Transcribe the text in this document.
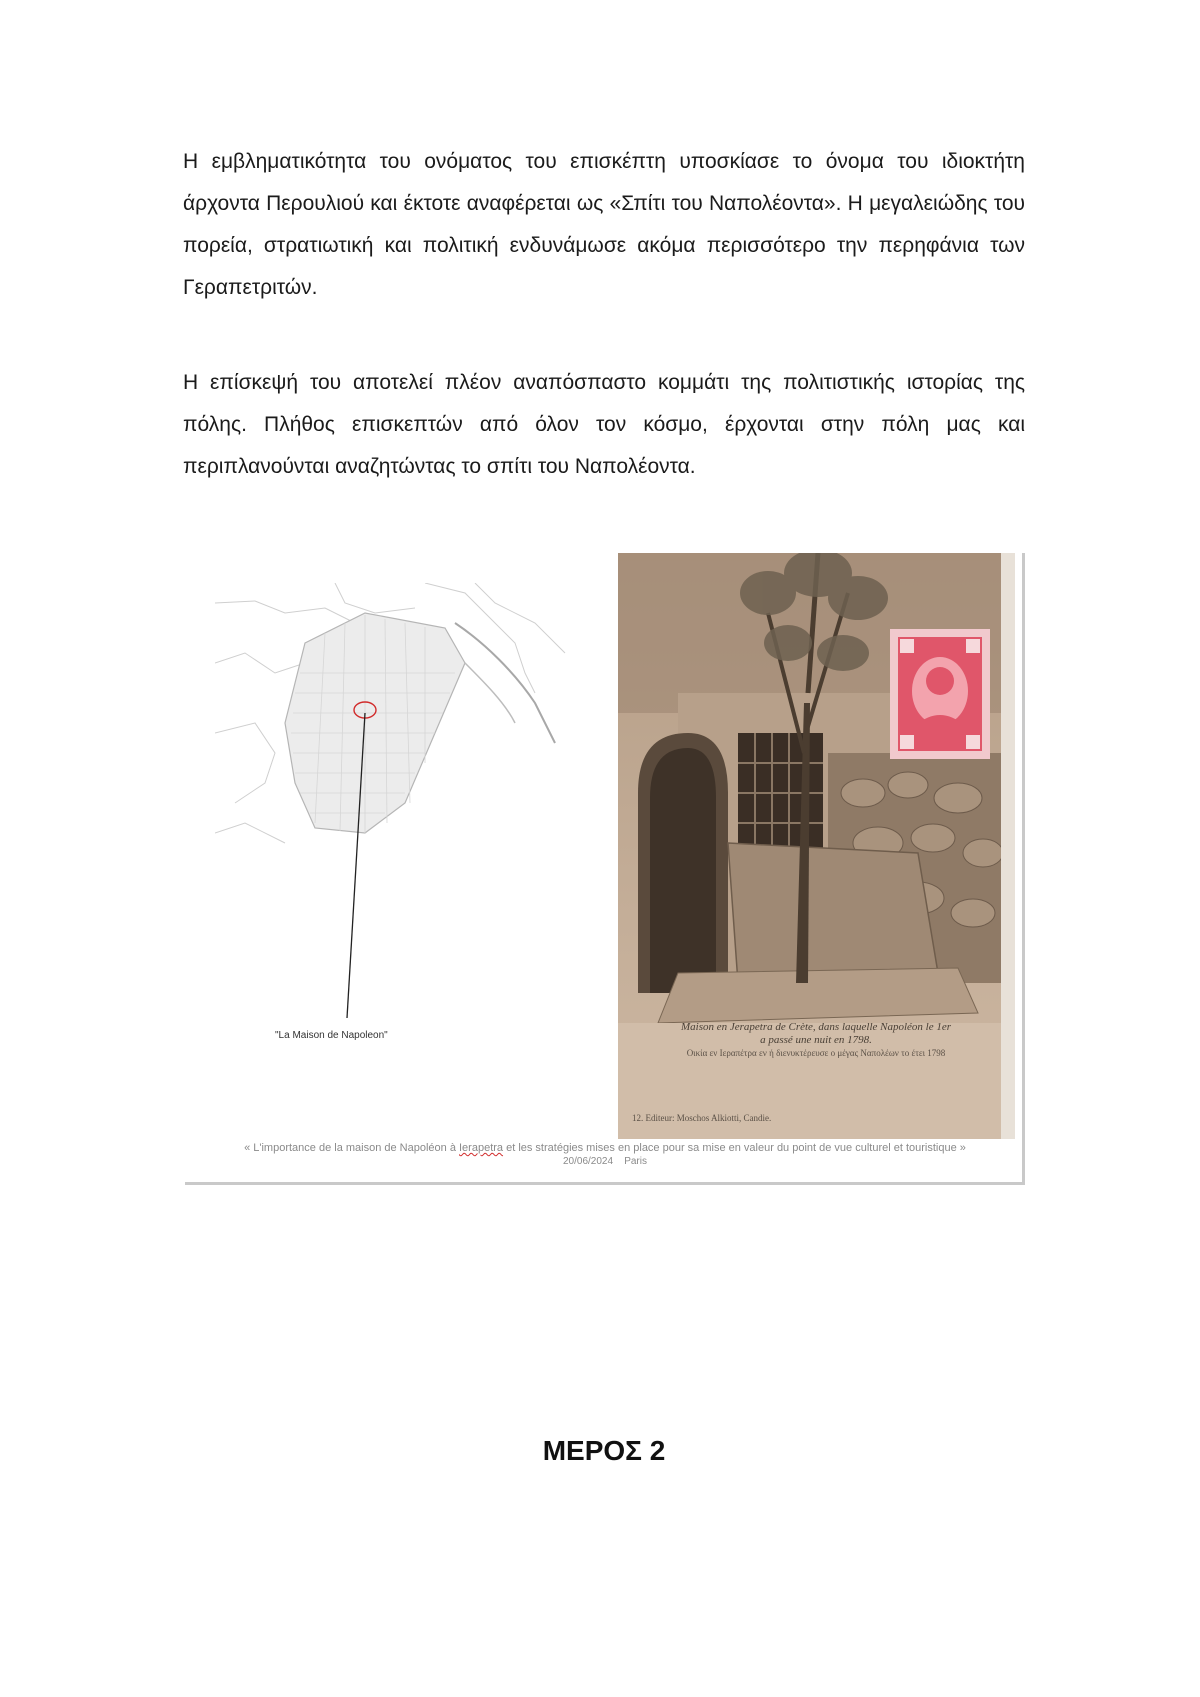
Η εμβληματικότητα του ονόματος του επισκέπτη υποσκίασε το όνομα του ιδιοκτήτη άρχοντα Περουλιού και έκτοτε αναφέρεται ως «Σπίτι του Ναπολέοντα». Η μεγαλειώδης του πορεία, στρατιωτική και πολιτική ενδυνάμωσε ακόμα περισσότερο την περηφάνια των Γεραπετριτών.

Η επίσκεψή του αποτελεί πλέον αναπόσπαστο κομμάτι της πολιτιστικής ιστορίας της πόλης. Πλήθος επισκεπτών από όλον τον κόσμο, έρχονται στην πόλη μας και περιπλανούνται αναζητώντας το σπίτι του Ναπολέοντα.

"La Maison de Napoleon"

Maison en Jerapetra de Crète, dans laquelle Napoléon le 1er

a passé une nuit en 1798.

Οικία εν Ιεραπέτρα εν ή διενυκτέρευσε ο μέγας Ναπολέων το έτει 1798

12. Editeur: Moschos Alkiotti, Candie.

« L'importance de la maison de Napoléon à Ierapetra et les stratégies mises en place pour sa mise en valeur du point de vue culturel et touristique »

20/06/2024 Paris

ΜΕΡΟΣ 2
